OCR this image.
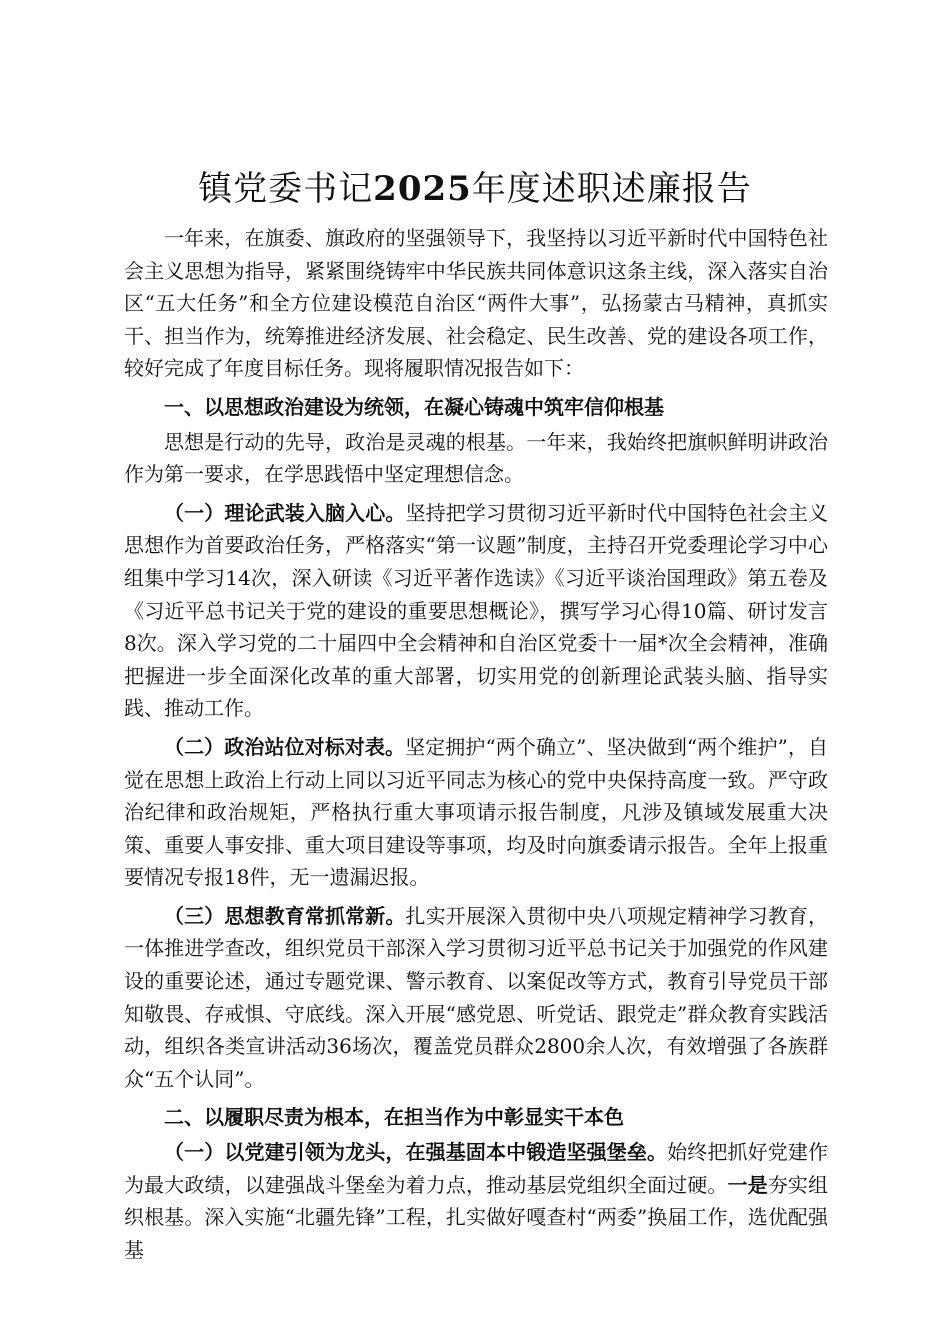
镇党委书记2025年度述职述廉报告

一年来，在旗委、旗政府的坚强领导下，我坚持以习近平新时代中国特色社会主义思想为指导，紧紧围绕铸牢中华民族共同体意识这条主线，深入落实自治区“五大任务”和全方位建设模范自治区“两件大事”，弘扬蒙古马精神，真抓实干、担当作为，统筹推进经济发展、社会稳定、民生改善、党的建设各项工作，较好完成了年度目标任务。现将履职情况报告如下：

一、以思想政治建设为统领，在凝心铸魂中筑牢信仰根基

思想是行动的先导，政治是灵魂的根基。一年来，我始终把旗帜鲜明讲政治作为第一要求，在学思践悟中坚定理想信念。

（一）理论武装入脑入心。坚持把学习贯彻习近平新时代中国特色社会主义思想作为首要政治任务，严格落实“第一议题”制度，主持召开党委理论学习中心组集中学习14次，深入研读《习近平著作选读》《习近平谈治国理政》第五卷及《习近平总书记关于党的建设的重要思想概论》，撰写学习心得10篇、研讨发言8次。深入学习党的二十届四中全会精神和自治区党委十一届*次全会精神，准确把握进一步全面深化改革的重大部署，切实用党的创新理论武装头脑、指导实践、推动工作。

（二）政治站位对标对表。坚定拥护“两个确立”、坚决做到“两个维护”，自觉在思想上政治上行动上同以习近平同志为核心的党中央保持高度一致。严守政治纪律和政治规矩，严格执行重大事项请示报告制度，凡涉及镇域发展重大决策、重要人事安排、重大项目建设等事项，均及时向旗委请示报告。全年上报重要情况专报18件，无一遗漏迟报。

（三）思想教育常抓常新。扎实开展深入贯彻中央八项规定精神学习教育，一体推进学查改，组织党员干部深入学习贯彻习近平总书记关于加强党的作风建设的重要论述，通过专题党课、警示教育、以案促改等方式，教育引导党员干部知敬畏、存戒惧、守底线。深入开展“感党恩、听党话、跟党走”群众教育实践活动，组织各类宣讲活动36场次，覆盖党员群众2800余人次，有效增强了各族群众“五个认同”。

二、以履职尽责为根本，在担当作为中彰显实干本色

（一）以党建引领为龙头，在强基固本中锻造坚强堡垒。始终把抓好党建作为最大政绩，以建强战斗堡垒为着力点，推动基层党组织全面过硬。一是夯实组织根基。深入实施“北疆先锋”工程，扎实做好嘎查村“两委”换届工作，选优配强基
